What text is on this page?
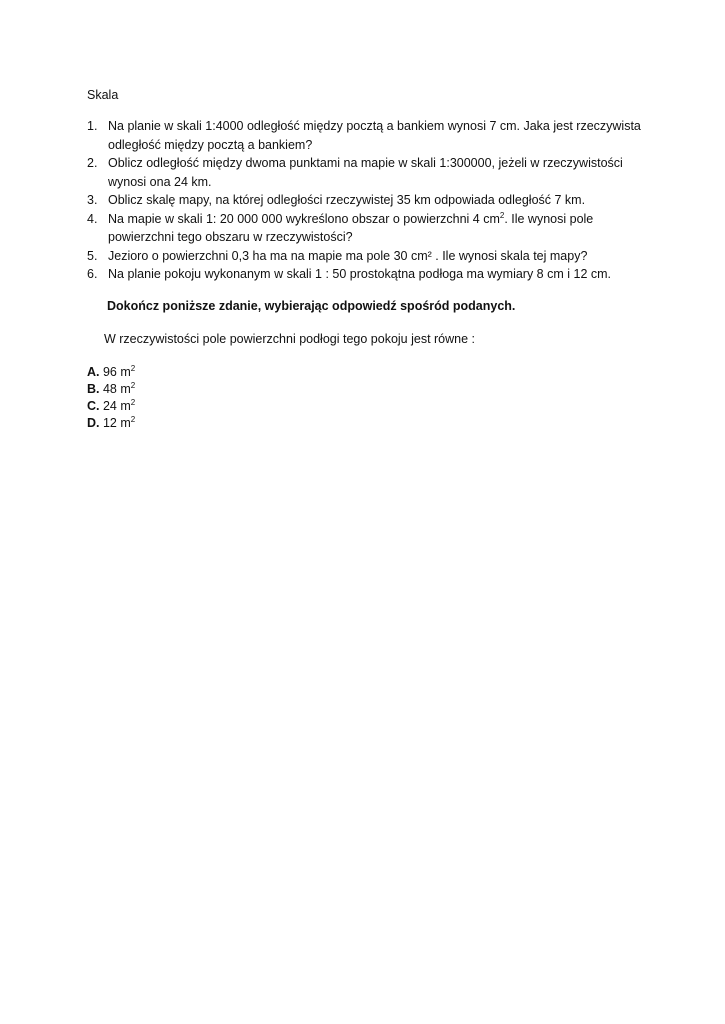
Skala
1. Na planie w skali 1:4000 odległość między pocztą a bankiem wynosi 7 cm. Jaka jest rzeczywista odległość między pocztą a bankiem?
2. Oblicz odległość między dwoma punktami na mapie w skali 1:300000, jeżeli w rzeczywistości wynosi ona 24 km.
3. Oblicz skalę mapy, na której odległości rzeczywistej 35 km odpowiada odległość 7 km.
4. Na mapie w skali 1: 20 000 000 wykreślono obszar o powierzchni 4 $cm^2$. Ile wynosi pole powierzchni tego obszaru w rzeczywistości?
5. Jezioro o powierzchni 0,3 ha ma na mapie ma pole 30 cm² . Ile wynosi skala tej mapy?
6. Na planie pokoju wykonanym w skali 1 : 50 prostokątna podłoga ma wymiary 8 cm i 12 cm.
Dokończ poniższe zdanie, wybierając odpowiedź spośród podanych.
W rzeczywistości pole powierzchni podłogi tego pokoju jest równe :
A. 96 $m^2$
B. 48 $m^2$
C. 24 $m^2$
D. 12 $m^2$
